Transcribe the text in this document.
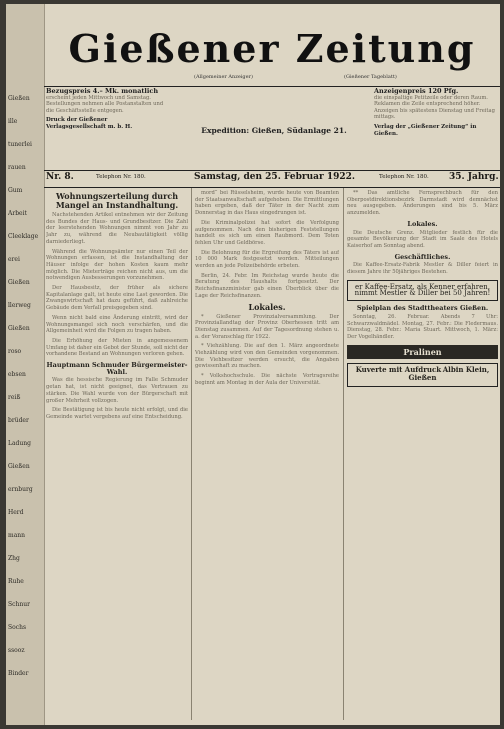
Gießen
ille
tunerlei
rauen
Gum
Arbeit
Cleeklage
erei
Gießen
llerweg
Gießen
roso
ebsen
reiß
brüder
Ladung
Gießen
ernburg
Herd
mann
Zhg
Ruhe
Schnur
Sochs
ssooz
Binder
Gießener Zeitung
(Allgemeiner Anzeiger)	(Gießener Tageblatt)
Bezugspreis 4.– Mk. monatlich
erscheint jeden Mittwoch und Samstag. Bestellungen nehmen alle Postanstalten und die Geschäftsstelle entgegen.
Druck der Gießener Verlagsgesellschaft m. b. H.	Expedition: Gießen, Südanlage 21.
Anzeigenpreis 120 Pfg.
die einspaltige Petitzeile oder deren Raum. Reklamen die Zeile entsprechend höher. Anzeigen bis spätestens Dienstag und Freitag mittags.
Verlag der „Gießener Zeitung“ in Gießen.
Nr. 8.	Telephon Nr. 180.	Samstag, den 25. Februar 1922.	Telephon Nr. 180. 35. Jahrg.
Wohnungszerteilung durch Mangel an Instandhaltung.

Nachstehenden Artikel entnehmen wir der Zeitung des Bundes der Haus- und Grundbesitzer. Die Zahl der leerstehenden Wohnungen nimmt von Jahr zu Jahr zu, während die Neubautätigkeit völlig darniederliegt.

Während die Wohnungsämter nur einen Teil der Wohnungen erfassen, ist die Instandhaltung der Häuser infolge der hohen Kosten kaum mehr möglich. Die Mieterträge reichen nicht aus, um die notwendigen Ausbesserungen vorzunehmen.

Der Hausbesitz, der früher als sichere Kapitalanlage galt, ist heute eine Last geworden. Die Zwangswirtschaft hat dazu geführt, daß zahlreiche Gebäude dem Verfall preisgegeben sind.

Wenn nicht bald eine Änderung eintritt, wird der Wohnungsmangel sich noch verschärfen, und die Allgemeinheit wird die Folgen zu tragen haben.

Die Erhöhung der Mieten in angemessenem Umfang ist daher ein Gebot der Stunde, soll nicht der vorhandene Bestand an Wohnungen verloren gehen.

Hauptmann Schmuder Bürgermeister-Wahl.

Was die hessische Regierung im Falle Schmuder getan hat, ist nicht geeignet, das Vertrauen zu stärken. Die Wahl wurde von der Bürgerschaft mit großer Mehrheit vollzogen.

Die Bestätigung ist bis heute nicht erfolgt, und die Gemeinde wartet vergebens auf eine Entscheidung.

mord“ bei Rüsselsheim, wurde heute von Beamten der Staatsanwaltschaft aufgehoben. Die Ermittlungen haben ergeben, daß der Täter in der Nacht zum Donnerstag in das Haus eingedrungen ist.

Die Kriminalpolizei hat sofort die Verfolgung aufgenommen. Nach den bisherigen Feststellungen handelt es sich um einen Raubmord. Dem Toten fehlen Uhr und Geldbörse.

Die Belohnung für die Ergreifung des Täters ist auf 10 000 Mark festgesetzt worden. Mitteilungen werden an jede Polizeibehörde erbeten.

Berlin, 24. Febr. Im Reichstag wurde heute die Beratung des Haushalts fortgesetzt. Der Reichsfinanzminister gab einen Überblick über die Lage der Reichsfinanzen.

Lokales.

* Gießener Provinzialversammlung. Der Provinziallandtag der Provinz Oberhessen tritt am Dienstag zusammen. Auf der Tagesordnung stehen u. a. der Voranschlag für 1922.

* Viehzählung. Die auf den 1. März angeordnete Viehzählung wird von den Gemeinden vorgenommen. Die Viehbesitzer werden ersucht, die Angaben gewissenhaft zu machen.

* Volkshochschule. Die nächste Vortragsreihe beginnt am Montag in der Aula der Universität.

** Das amtliche Fernsprechbuch für den Oberpostdirektionsbezirk Darmstadt wird demnächst neu ausgegeben. Änderungen sind bis 5. März anzumelden.

Lokales.

Die Deutsche Grenz. Mitglieder festlich für die gesamte Bevölkerung der Stadt im Saale des Hotels Kaiserhof am Sonntag abend.

Geschäftliches.

Die Kaffee-Ersatz-Fabrik Mestler & Diller feiert in diesem Jahre ihr 50jähriges Bestehen.

er Kaffee-Ersatz, als Kenner erfahren, nimmt Mestler & Diller bei 50 Jahren!
Spielplan des Stadttheaters Gießen.

Sonntag, 26. Februar. Abends 7 Uhr: Schwarzwaldmädel. Montag, 27. Febr.: Die Fledermaus. Dienstag, 28. Febr.: Maria Stuart. Mittwoch, 1. März: Der Vogelhändler.

Pralinen
Kuverte mit Aufdruck Albin Klein, Gießen
